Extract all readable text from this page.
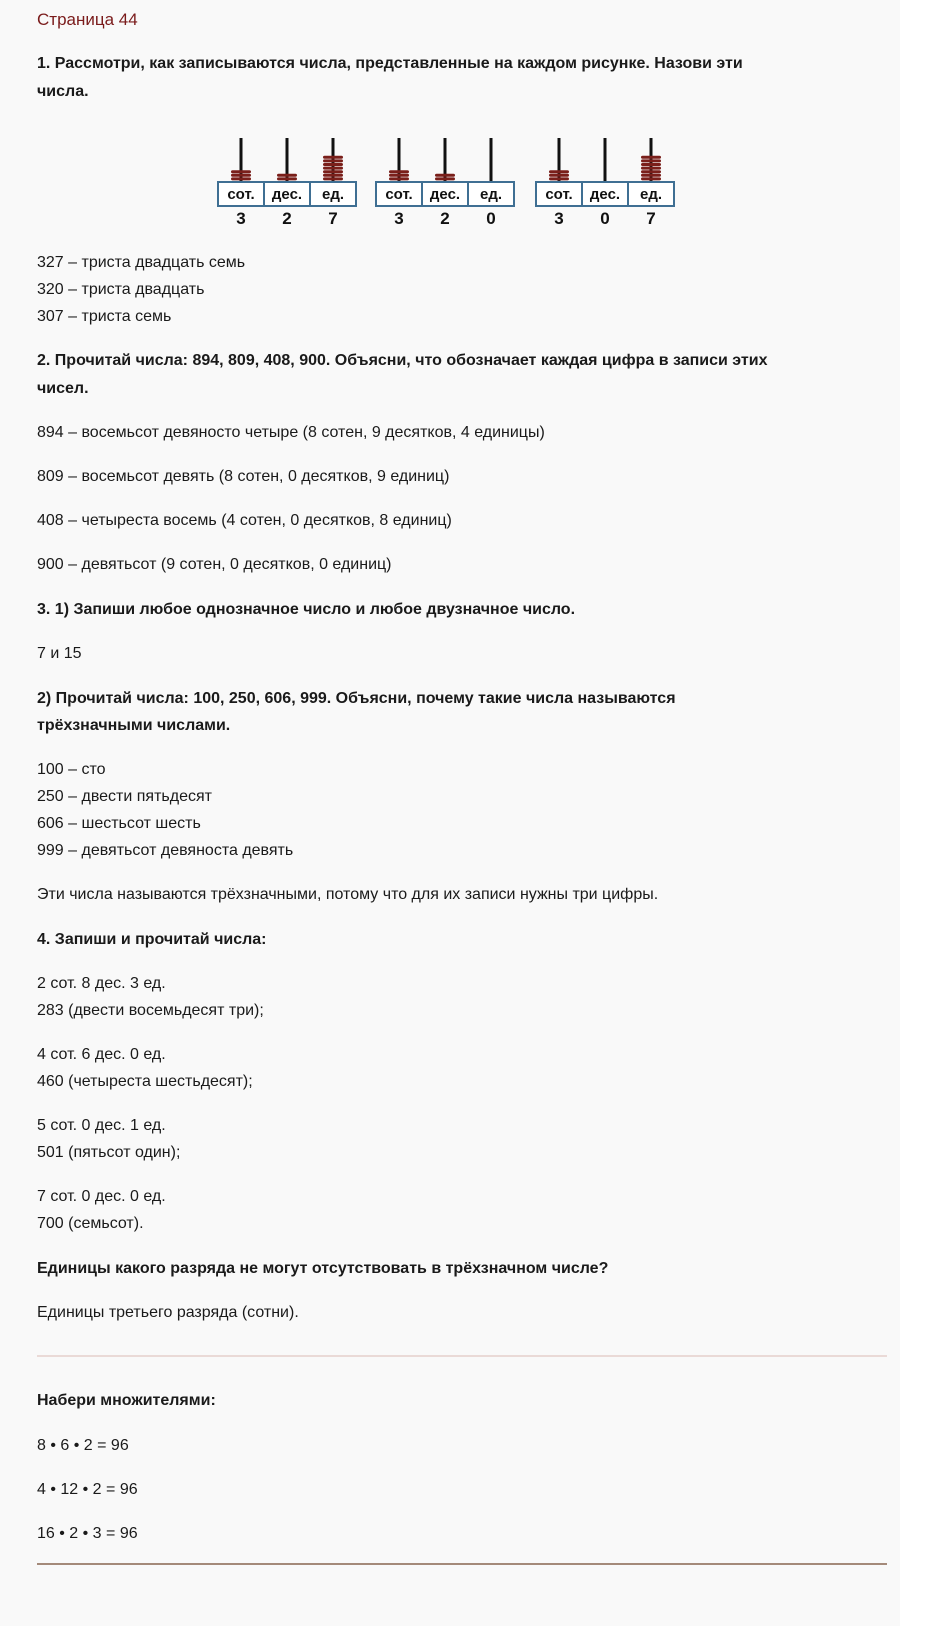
Страница 44
1. Рассмотри, как записываются числа, представленные на каждом рисунке. Назови эти
числа.
сот.
3
дес.
2
ед.
7
сот.
3
дес.
2
ед.
0
сот.
3
дес.
0
ед.
7
327 – триста двадцать семь
320 – триста двадцать
307 – триста семь
2. Прочитай числа: 894, 809, 408, 900. Объясни, что обозначает каждая цифра в записи этих
чисел.
894 – восемьсот девяносто четыре (8 сотен, 9 десятков, 4 единицы)
809 – восемьсот девять (8 сотен, 0 десятков, 9 единиц)
408 – четыреста восемь (4 сотен, 0 десятков, 8 единиц)
900 – девятьсот (9 сотен, 0 десятков, 0 единиц)
3. 1) Запиши любое однозначное число и любое двузначное число.
7 и 15
2) Прочитай числа: 100, 250, 606, 999. Объясни, почему такие числа называются
трёхзначными числами.
100 – сто
250 – двести пятьдесят
606 – шестьсот шесть
999 – девятьсот девяноста девять
Эти числа называются трёхзначными, потому что для их записи нужны три цифры.
4. Запиши и прочитай числа:
2 сот. 8 дес. 3 ед.
283 (двести восемьдесят три);
4 сот. 6 дес. 0 ед.
460 (четыреста шестьдесят);
5 сот. 0 дес. 1 ед.
501 (пятьсот один);
7 сот. 0 дес. 0 ед.
700 (семьсот).
Единицы какого разряда не могут отсутствовать в трёхзначном числе?
Единицы третьего разряда (сотни).
Набери множителями:
8 • 6 • 2 = 96
4 • 12 • 2 = 96
16 • 2 • 3 = 96
